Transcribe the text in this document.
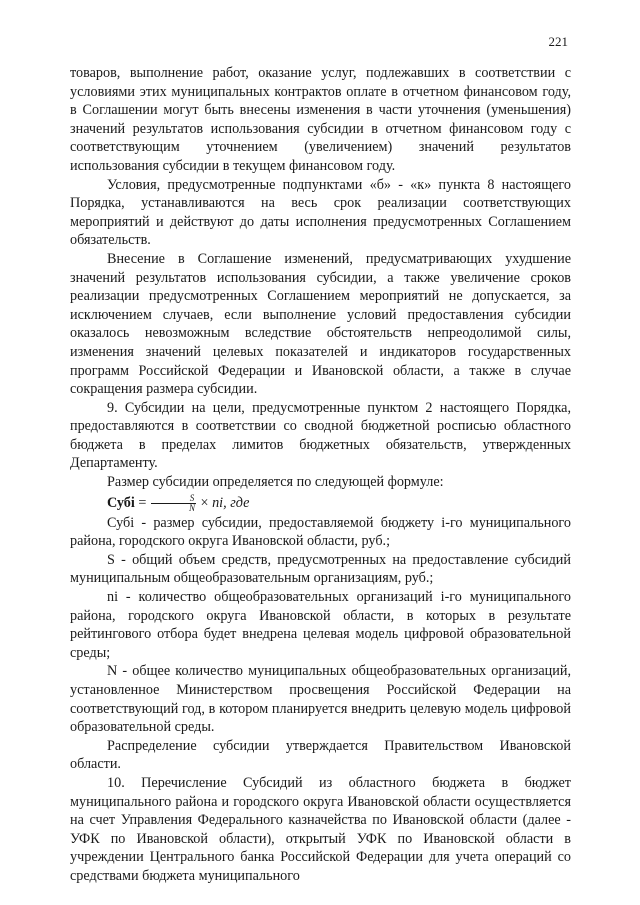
221

товаров, выполнение работ, оказание услуг, подлежавших в соответствии с условиями этих муниципальных контрактов оплате в отчетном финансовом году, в Соглашении могут быть внесены изменения в части уточнения (уменьшения) значений результатов использования субсидии в отчетном финансовом году с соответствующим уточнением (увеличением) значений результатов использования субсидии в текущем финансовом году.

Условия, предусмотренные подпунктами «б» - «к» пункта 8 настоящего Порядка, устанавливаются на весь срок реализации соответствующих мероприятий и действуют до даты исполнения предусмотренных Соглашением обязательств.

Внесение в Соглашение изменений, предусматривающих ухудшение значений результатов использования субсидии, а также увеличение сроков реализации предусмотренных Соглашением мероприятий не допускается, за исключением случаев, если выполнение условий предоставления субсидии оказалось невозможным вследствие обстоятельств непреодолимой силы, изменения значений целевых показателей и индикаторов государственных программ Российской Федерации и Ивановской области, а также в случае сокращения размера субсидии.

9. Субсидии на цели, предусмотренные пунктом 2 настоящего Порядка, предоставляются в соответствии со сводной бюджетной росписью областного бюджета в пределах лимитов бюджетных обязательств, утвержденных Департаменту.

Размер субсидии определяется по следующей формуле:

Субi = $\frac{S}{N}$ × ni, где

Субi - размер субсидии, предоставляемой бюджету i-го муниципального района, городского округа Ивановской области, руб.;

S - общий объем средств, предусмотренных на предоставление субсидий муниципальным общеобразовательным организациям, руб.;

ni - количество общеобразовательных организаций i-го муниципального района, городского округа Ивановской области, в которых в результате рейтингового отбора будет внедрена целевая модель цифровой образовательной среды;

N - общее количество муниципальных общеобразовательных организаций, установленное Министерством просвещения Российской Федерации на соответствующий год, в котором планируется внедрить целевую модель цифровой образовательной среды.

Распределение субсидии утверждается Правительством Ивановской области.

10. Перечисление Субсидий из областного бюджета в бюджет муниципального района и городского округа Ивановской области осуществляется на счет Управления Федерального казначейства по Ивановской области (далее - УФК по Ивановской области), открытый УФК по Ивановской области в учреждении Центрального банка Российской Федерации для учета операций со средствами бюджета муниципального
